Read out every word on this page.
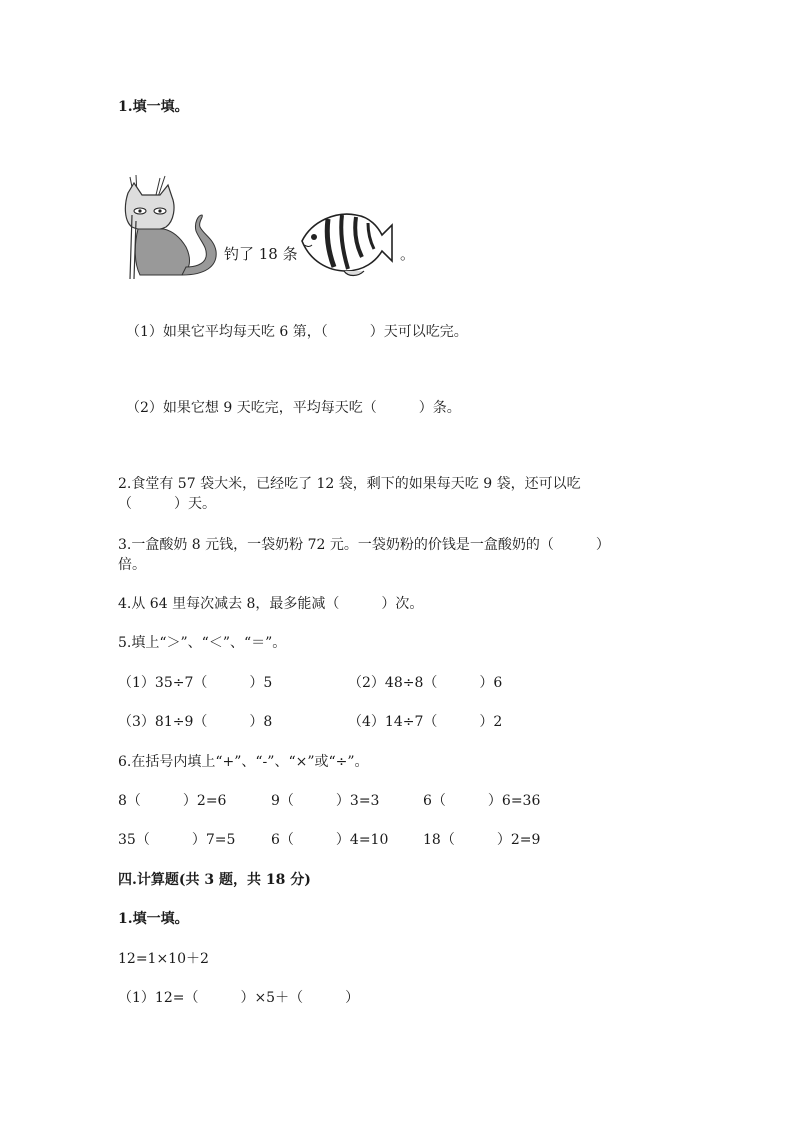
1.填一填。
钓了 18 条	。
（1）如果它平均每天吃 6 第，（　　　）天可以吃完。
（2）如果它想 9 天吃完，平均每天吃（　　　）条。
2.食堂有 57 袋大米，已经吃了 12 袋，剩下的如果每天吃 9 袋，还可以吃
（　　　）天。
3.一盒酸奶 8 元钱，一袋奶粉 72 元。一袋奶粉的价钱是一盒酸奶的（　　　）
倍。
4.从 64 里每次减去 8，最多能减（　　　）次。
5.填上“＞”、“＜”、“＝”。
（1）35÷7（　　　）5	（2）48÷8（　　　）6
（3）81÷9（　　　）8	（4）14÷7（　　　）2
6.在括号内填上“+”、“-”、“×”或“÷”。
8（　　　）2=6	9（　　　）3=3	6（　　　）6=36
35（　　　）7=5	6（　　　）4=10 18（　　　）2=9
四.计算题(共 3 题，共 18 分)
1.填一填。
12=1×10＋2
（1）12=（　　　）×5＋（　　　）
